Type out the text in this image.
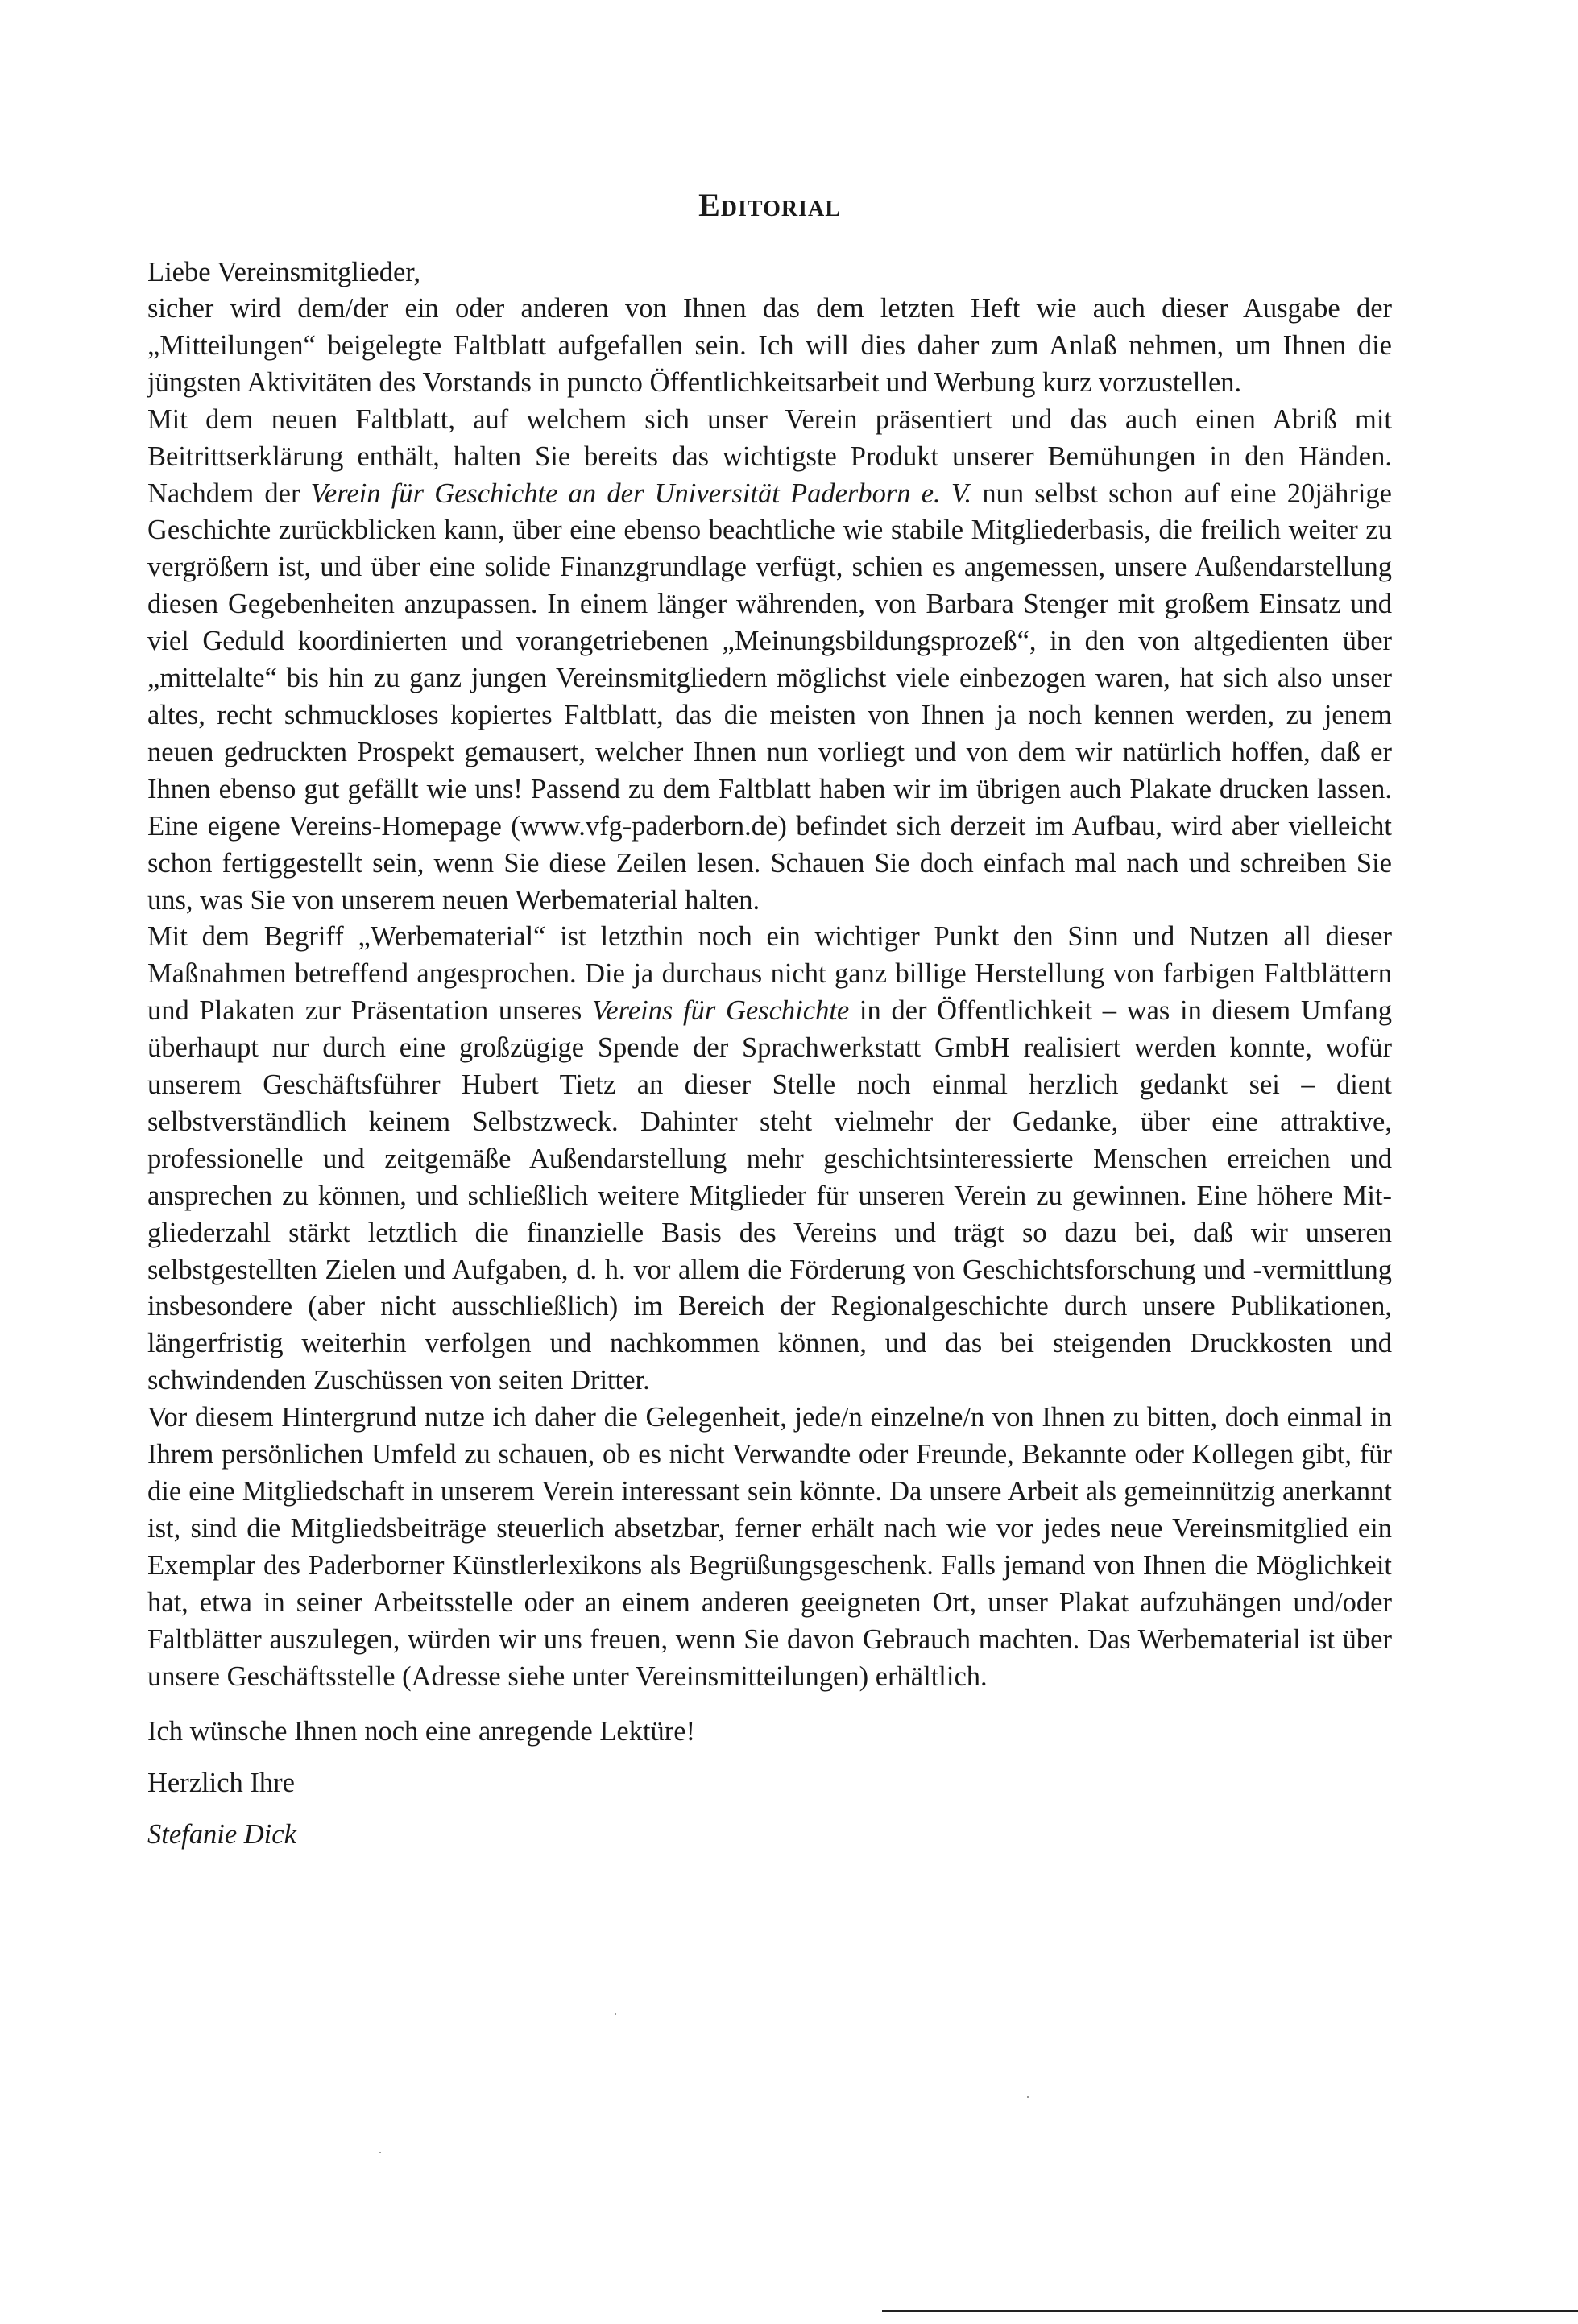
Editorial

Liebe Vereinsmitglieder,

sicher wird dem/der ein oder anderen von Ihnen das dem letzten Heft wie auch dieser Ausgabe der „Mitteilungen“ beigelegte Faltblatt aufgefallen sein. Ich will dies daher zum Anlaß nehmen, um Ihnen die jüngsten Aktivitäten des Vorstands in puncto Öffentlichkeitsarbeit und Werbung kurz vorzustellen.

Mit dem neuen Faltblatt, auf welchem sich unser Verein präsentiert und das auch einen Abriß mit Beitrittserklärung enthält, halten Sie bereits das wichtigste Produkt unserer Bemühungen in den Händen. Nachdem der Verein für Geschichte an der Universität Paderborn e. V. nun selbst schon auf eine 20jährige Geschichte zurückblicken kann, über eine ebenso beachtliche wie stabile Mitgliederbasis, die freilich weiter zu vergrößern ist, und über eine solide Finanzgrundlage verfügt, schien es angemessen, unsere Außendarstellung diesen Gegebenheiten anzupassen. In einem länger währenden, von Barbara Stenger mit großem Einsatz und viel Geduld koordinierten und vorangetriebenen „Meinungsbildungsprozeß“, in den von altgedienten über „mittelalte“ bis hin zu ganz jungen Vereinsmitgliedern möglichst viele einbezogen waren, hat sich also unser altes, recht schmuckloses kopiertes Faltblatt, das die meisten von Ihnen ja noch kennen werden, zu jenem neuen gedruckten Prospekt gemausert, welcher Ihnen nun vorliegt und von dem wir natürlich hoffen, daß er Ihnen ebenso gut gefällt wie uns! Passend zu dem Faltblatt haben wir im übrigen auch Plakate drucken lassen. Eine eigene Vereins-Homepage (www.vfg-paderborn.de) befindet sich derzeit im Aufbau, wird aber vielleicht schon fertiggestellt sein, wenn Sie diese Zeilen lesen. Schauen Sie doch einfach mal nach und schreiben Sie uns, was Sie von unserem neuen Werbematerial halten.

Mit dem Begriff „Werbematerial“ ist letzthin noch ein wichtiger Punkt den Sinn und Nutzen all dieser Maßnahmen betreffend angesprochen. Die ja durchaus nicht ganz billige Herstellung von farbigen Faltblättern und Plakaten zur Präsentation unseres Vereins für Geschichte in der Öffentlichkeit – was in diesem Umfang überhaupt nur durch eine großzügige Spende der Sprachwerkstatt GmbH realisiert werden konnte, wofür unserem Geschäftsführer Hubert Tietz an dieser Stelle noch einmal herzlich gedankt sei – dient selbstverständlich keinem Selbstzweck. Dahinter steht vielmehr der Gedanke, über eine attraktive, professionelle und zeitgemäße Außendarstellung mehr geschichtsinteressierte Menschen erreichen und ansprechen zu können, und schließlich weitere Mitglieder für unseren Verein zu gewinnen. Eine höhere Mitgliederzahl stärkt letztlich die finanzielle Basis des Vereins und trägt so dazu bei, daß wir unseren selbstgestellten Zielen und Aufgaben, d. h. vor allem die Förderung von Geschichtsforschung und -vermittlung insbesondere (aber nicht ausschließlich) im Bereich der Regionalgeschichte durch unsere Publikationen, längerfristig weiterhin verfolgen und nachkommen können, und das bei steigenden Druckkosten und schwindenden Zuschüssen von seiten Dritter.

Vor diesem Hintergrund nutze ich daher die Gelegenheit, jede/n einzelne/n von Ihnen zu bitten, doch einmal in Ihrem persönlichen Umfeld zu schauen, ob es nicht Verwandte oder Freunde, Bekannte oder Kollegen gibt, für die eine Mitgliedschaft in unserem Verein interessant sein könnte. Da unsere Arbeit als gemeinnützig anerkannt ist, sind die Mitgliedsbeiträge steuerlich absetzbar, ferner erhält nach wie vor jedes neue Vereinsmitglied ein Exemplar des Paderborner Künstlerlexikons als Begrüßungsgeschenk. Falls jemand von Ihnen die Möglichkeit hat, etwa in seiner Arbeitsstelle oder an einem anderen geeigneten Ort, unser Plakat aufzuhängen und/oder Faltblätter auszulegen, würden wir uns freuen, wenn Sie davon Gebrauch machten. Das Werbematerial ist über unsere Geschäftsstelle (Adresse siehe unter Vereinsmitteilungen) erhältlich.

Ich wünsche Ihnen noch eine anregende Lektüre!

Herzlich Ihre

Stefanie Dick
